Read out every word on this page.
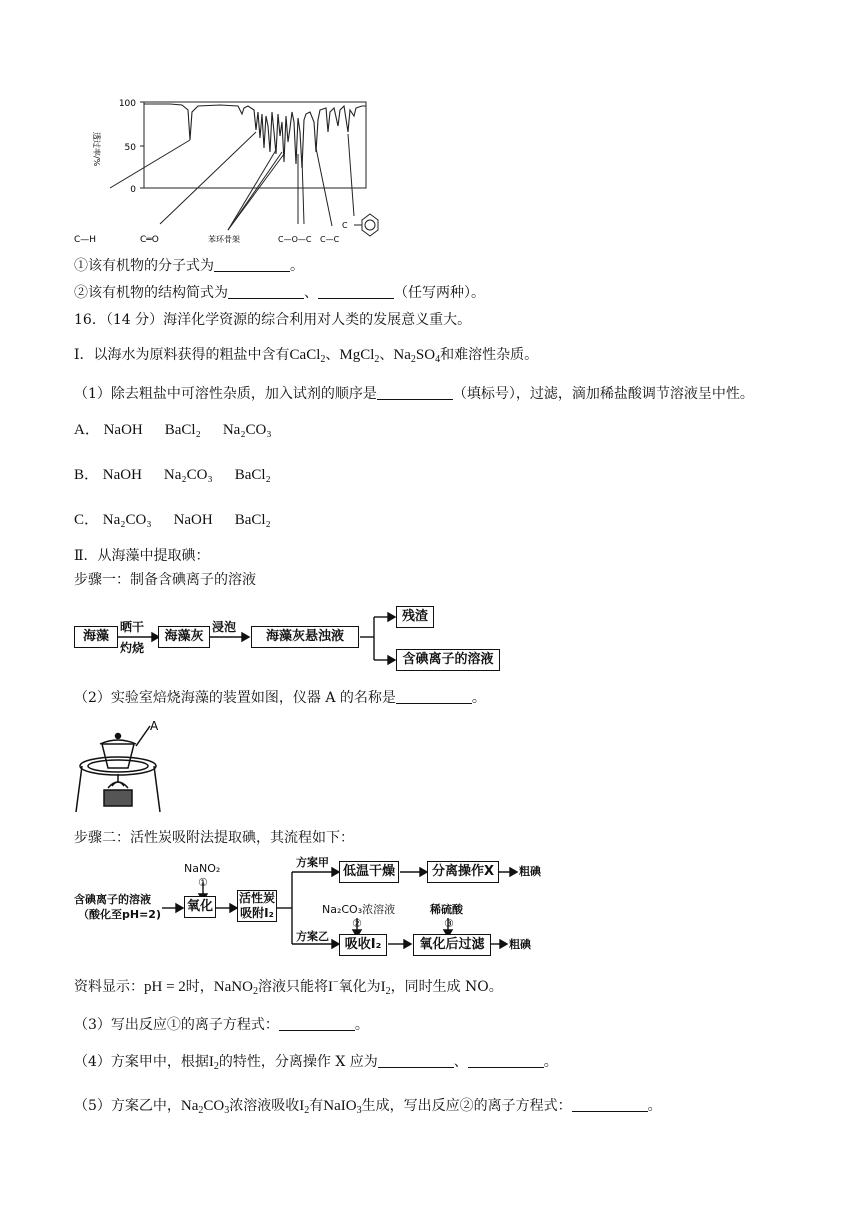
100
50
0
透过率/%
C—H	C═O	苯环骨架	C—O—C C—C
C
①该有机物的分子式为	。
②该有机物的结构简式为	、	（任写两种）。
16．（14 分）海洋化学资源的综合利用对人类的发展意义重大。
Ⅰ．以海水为原料获得的粗盐中含有CaCl$_2$、MgCl$_2$、$Na_2SO_4$和难溶性杂质。
（1）除去粗盐中可溶性杂质，加入试剂的顺序是	（填标号），过滤，滴加稀盐酸调节溶液呈中性。
A． NaOH BaCl₂ Na₂CO₃
B． NaOH Na₂CO₃ BaCl₂
C． Na₂CO₃ NaOH BaCl₂
Ⅱ．从海藻中提取碘：
步骤一：制备含碘离子的溶液
海藻
晒干
灼烧
海藻灰
浸泡
海藻灰悬浊液
残渣
含碘离子的溶液
（2）实验室焙烧海藻的装置如图，仪器 A 的名称是	。
A
步骤二：活性炭吸附法提取碘，其流程如下：
含碘离子的溶液
（酸化至pH=2)
NaNO₂
①
氧化
活性炭
吸附I₂
方案甲
方案乙
低温干燥	分离操作X	粗碘
Na₂CO₃浓溶液
②
吸收I₂
稀硫酸
③
氧化后过滤	粗碘
资料显示：pH = 2时，NaNO$_2$溶液只能将I−氧化为$I_2$，同时生成 NO。
（3）写出反应①的离子方程式：	。
（4）方案甲中，根据$I_2$的特性，分离操作 X 应为	、	。
（5）方案乙中，$Na_2CO_3$浓溶液吸收$I_2$有NaIO$_3$生成，写出反应②的离子方程式：	。
